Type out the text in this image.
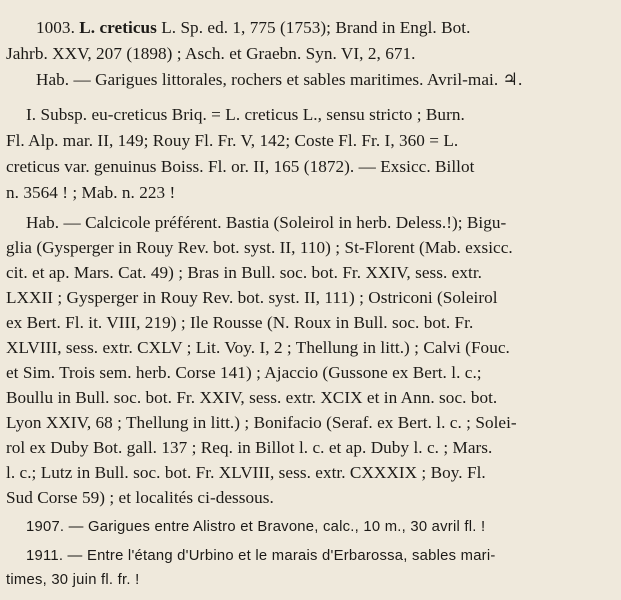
1003. L. creticus L. Sp. ed. 1, 775 (1753); Brand in Engl. Bot.
Jahrb. XXV, 207 (1898) ; Asch. et Graebn. Syn. VI, 2, 671.
Hab. — Garigues littorales, rochers et sables maritimes. Avril-mai. ♃.
I. Subsp. eu-creticus Briq. = L. creticus L., sensu stricto ; Burn.
Fl. Alp. mar. II, 149; Rouy Fl. Fr. V, 142; Coste Fl. Fr. I, 360 = L.
creticus var. genuinus Boiss. Fl. or. II, 165 (1872). — Exsicc. Billot
n. 3564 ! ; Mab. n. 223 !
Hab. — Calcicole préférent. Bastia (Soleirol in herb. Deless.!); Bigu-
glia (Gysperger in Rouy Rev. bot. syst. II, 110) ; St-Florent (Mab. exsicc.
cit. et ap. Mars. Cat. 49) ; Bras in Bull. soc. bot. Fr. XXIV, sess. extr.
LXXII ; Gysperger in Rouy Rev. bot. syst. II, 111) ; Ostriconi (Soleirol
ex Bert. Fl. it. VIII, 219) ; Ile Rousse (N. Roux in Bull. soc. bot. Fr.
XLVIII, sess. extr. CXLV ; Lit. Voy. I, 2 ; Thellung in litt.) ; Calvi (Fouc.
et Sim. Trois sem. herb. Corse 141) ; Ajaccio (Gussone ex Bert. l. c.;
Boullu in Bull. soc. bot. Fr. XXIV, sess. extr. XCIX et in Ann. soc. bot.
Lyon XXIV, 68 ; Thellung in litt.) ; Bonifacio (Seraf. ex Bert. l. c. ; Solei-
rol ex Duby Bot. gall. 137 ; Req. in Billot l. c. et ap. Duby l. c. ; Mars.
l. c.; Lutz in Bull. soc. bot. Fr. XLVIII, sess. extr. CXXXIX ; Boy. Fl.
Sud Corse 59) ; et localités ci-dessous.
1907. — Garigues entre Alistro et Bravone, calc., 10 m., 30 avril fl. !
1911. — Entre l'étang d'Urbino et le marais d'Erbarossa, sables mari-
times, 30 juin fl. fr. !
